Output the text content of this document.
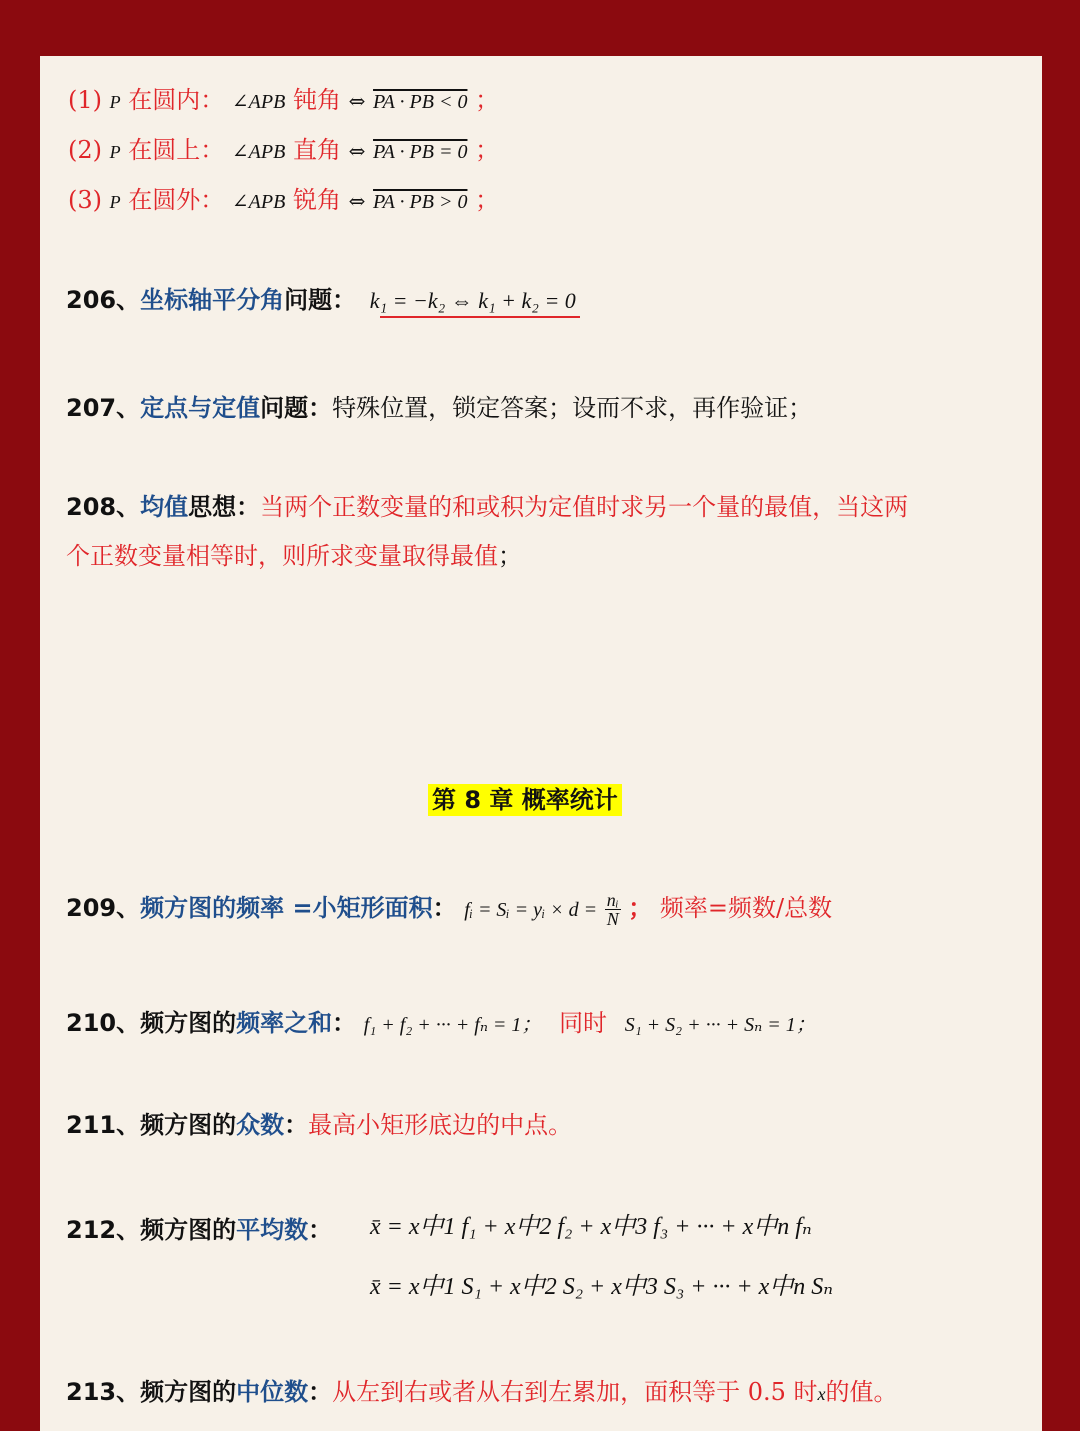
(1) P 在圆内： ∠APB 钝角 ⇔ PA · PB < 0 ；
(2) P 在圆上： ∠APB 直角 ⇔ PA · PB = 0 ；
(3) P 在圆外： ∠APB 锐角 ⇔ PA · PB > 0 ；
206、坐标轴平分角问题： k₁ = −k₂ ⇔ k₁ + k₂ = 0
207、定点与定值问题：特殊位置，锁定答案；设而不求，再作验证；
208、均值思想：当两个正数变量的和或积为定值时求另一个量的最值，当这两
个正数变量相等时，则所求变量取得最值；
第 8 章 概率统计
209、频方图的频率 =小矩形面积： fᵢ = Sᵢ = yᵢ × $d = \frac{\text{nᵢ}}{N}$ ； 频率=频数/总数
210、频方图的频率之和： f₁ + f₂ + ··· + fₙ = 1； 同时 S₁ + S₂ + ··· + Sₙ = 1；
211、频方图的众数：最高小矩形底边的中点。
212、频方图的平均数： x̄ = x中1 f₁ + x中2 f₂ + x中3 f₃ + ··· + x中n fₙ
x̄ = x中1 S₁ + x中2 S₂ + x中3 S₃ + ··· + x中n Sₙ
213、频方图的中位数：从左到右或者从右到左累加，面积等于 0.5 时x的值。
